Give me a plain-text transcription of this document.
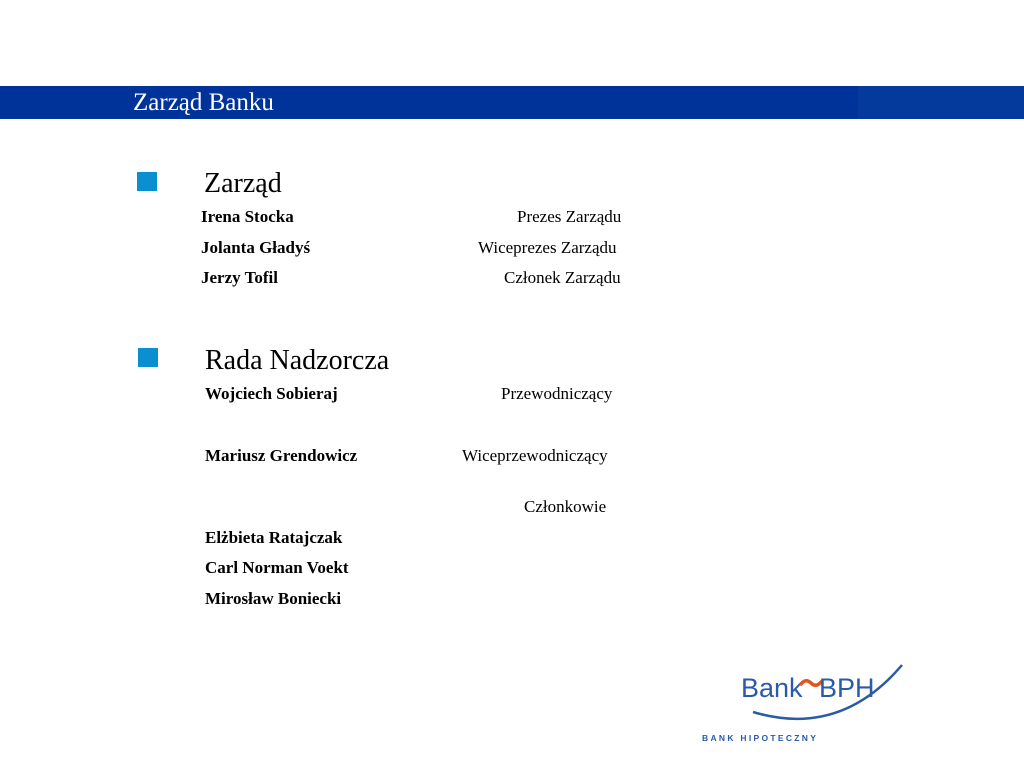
Zarząd Banku
Zarząd
Irena Stocka	Prezes Zarządu
Jolanta Gładyś	Wiceprezes Zarządu
Jerzy Tofil	Członek Zarządu
Rada Nadzorcza
Wojciech Sobieraj	Przewodniczący
Mariusz Grendowicz	Wiceprzewodniczący
Członkowie
Elżbieta Ratajczak
Carl Norman Voekt
Mirosław Boniecki
Bank BPH
BANK HIPOTECZNY
